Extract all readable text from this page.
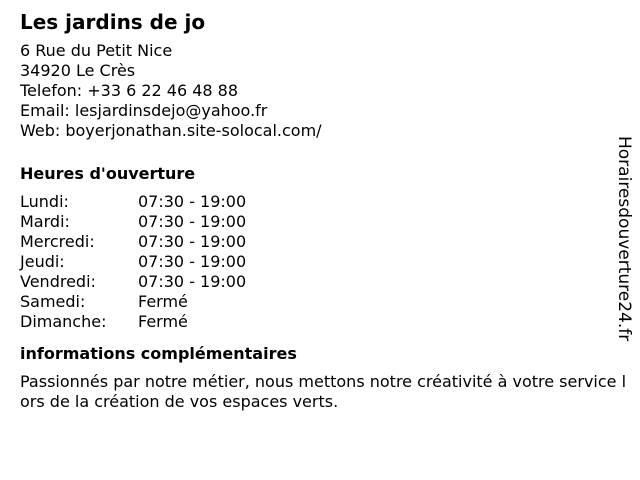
Les jardins de jo
6 Rue du Petit Nice
34920 Le Crès
Telefon: +33 6 22 46 48 88
Email: lesjardinsdejo@yahoo.fr
Web: boyerjonathan.site-solocal.com/
Heures d'ouverture
Lundi:	07:30 - 19:00
Mardi:	07:30 - 19:00
Mercredi:	07:30 - 19:00
Jeudi:	07:30 - 19:00
Vendredi:	07:30 - 19:00
Samedi:	Fermé
Dimanche: Fermé
informations complémentaires
Passionnés par notre métier, nous mettons notre créativité à votre service lors de la création de vos espaces verts.
Horairesdouverture24.fr
